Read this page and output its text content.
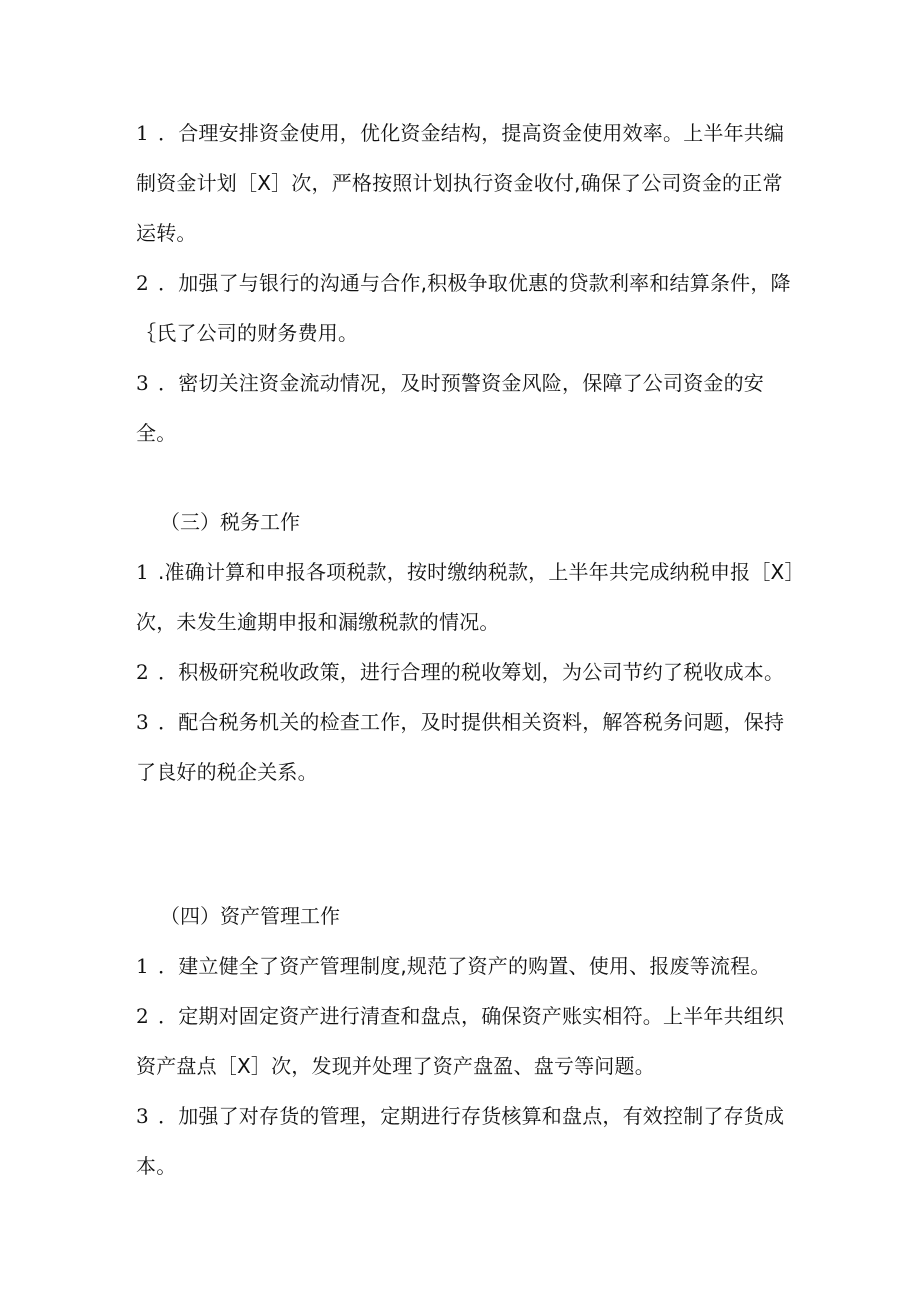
1 ．合理安排资金使用，优化资金结构，提高资金使用效率。上半年共编制资金计划［X］次，严格按照计划执行资金收付,确保了公司资金的正常运转。

2 ．加强了与银行的沟通与合作,积极争取优惠的贷款利率和结算条件，降｛氏了公司的财务费用。

3 ．密切关注资金流动情况，及时预警资金风险，保障了公司资金的安全。

（三）税务工作

1 .准确计算和申报各项税款，按时缴纳税款，上半年共完成纳税申报［X］次，未发生逾期申报和漏缴税款的情况。

2 ．积极研究税收政策，进行合理的税收筹划，为公司节约了税收成本。

3 ．配合税务机关的检查工作，及时提供相关资料，解答税务问题，保持了良好的税企关系。

（四）资产管理工作

1 ．建立健全了资产管理制度,规范了资产的购置、使用、报废等流程。

2 ．定期对固定资产进行清查和盘点，确保资产账实相符。上半年共组织资产盘点［X］次，发现并处理了资产盘盈、盘亏等问题。

3 ．加强了对存货的管理，定期进行存货核算和盘点，有效控制了存货成本。
